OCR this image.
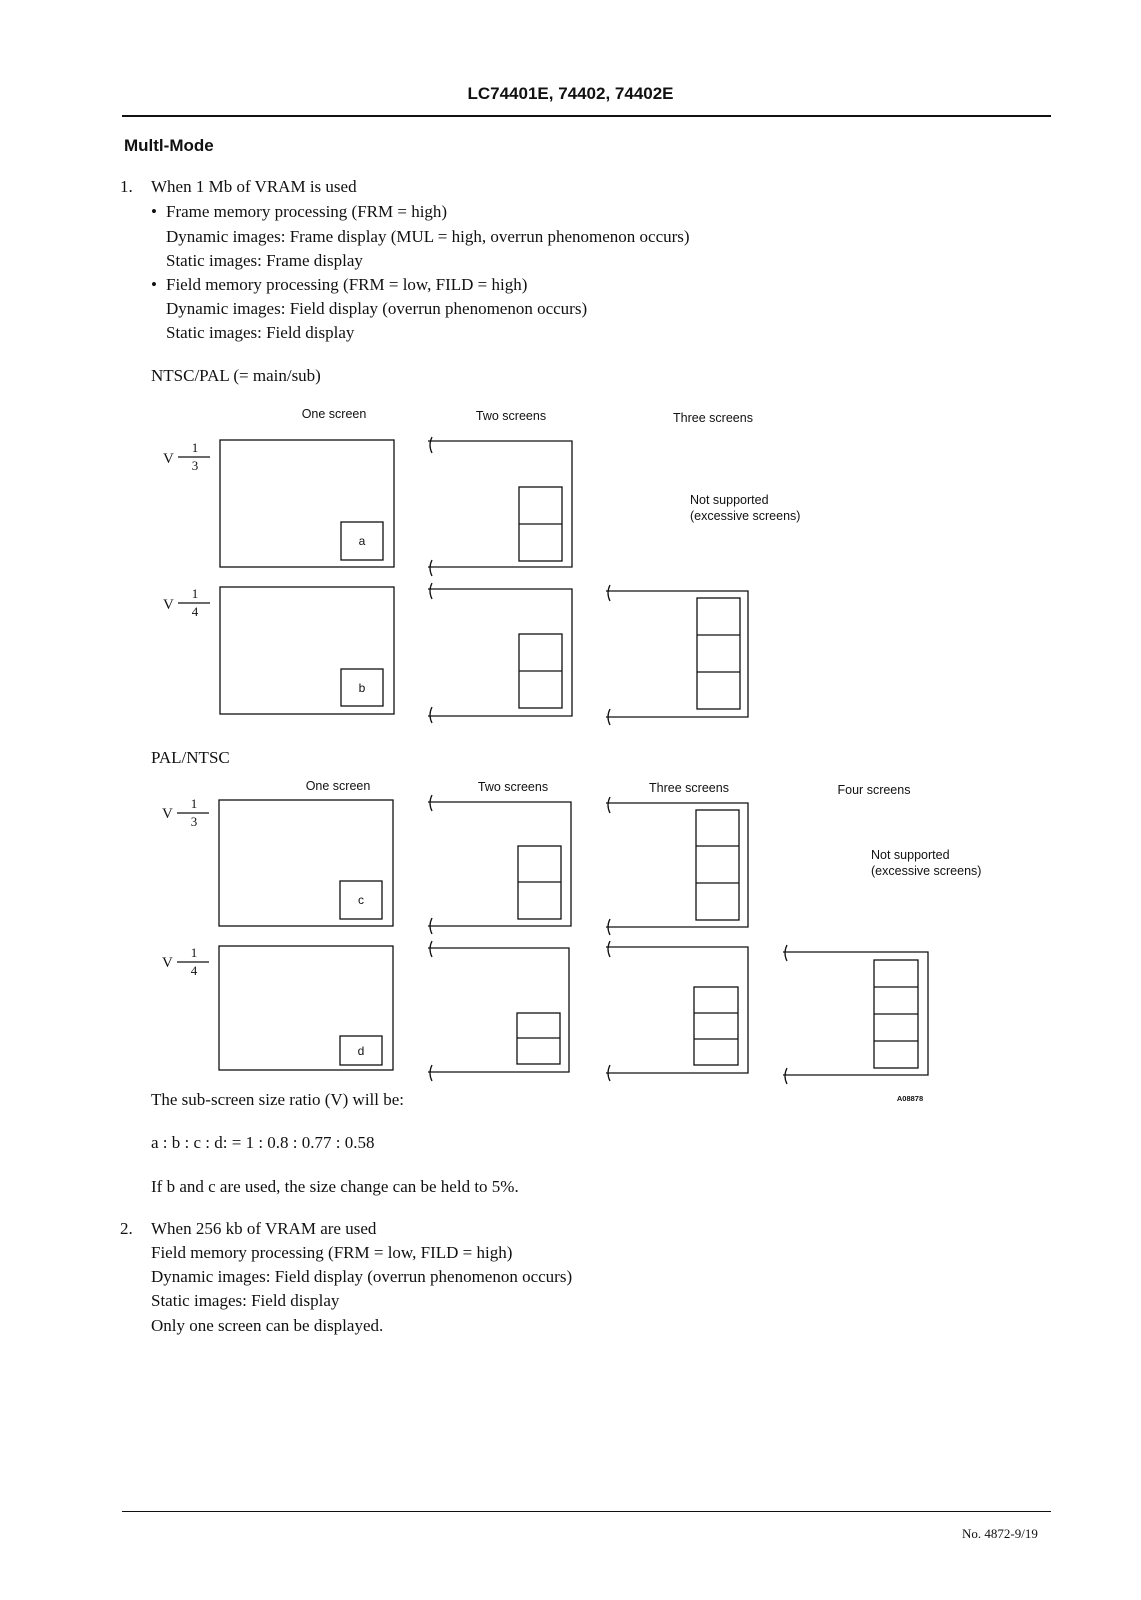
LC74401E, 74402, 74402E
Multl-Mode
1. When 1 Mb of VRAM is used
• Frame memory processing (FRM = high)
Dynamic images: Frame display (MUL = high, overrun phenomenon occurs)
Static images: Frame display
• Field memory processing (FRM = low, FILD = high)
Dynamic images: Field display (overrun phenomenon occurs)
Static images: Field display
NTSC/PAL (= main/sub)
One screen	Two screens	Three screens
V
1
3
a
Not supported
(excessive screens)
V
1
4
b
PAL/NTSC
One screen	Two screens	Three screens	Four screens
V
1
3
c
Not supported
(excessive screens)
V
1
4
d
A08878
The sub-screen size ratio (V) will be:
a : b : c : d: = 1 : 0.8 : 0.77 : 0.58
If b and c are used, the size change can be held to 5%.
2. When 256 kb of VRAM are used
Field memory processing (FRM = low, FILD = high)
Dynamic images: Field display (overrun phenomenon occurs)
Static images: Field display
Only one screen can be displayed.
No. 4872-9/19
